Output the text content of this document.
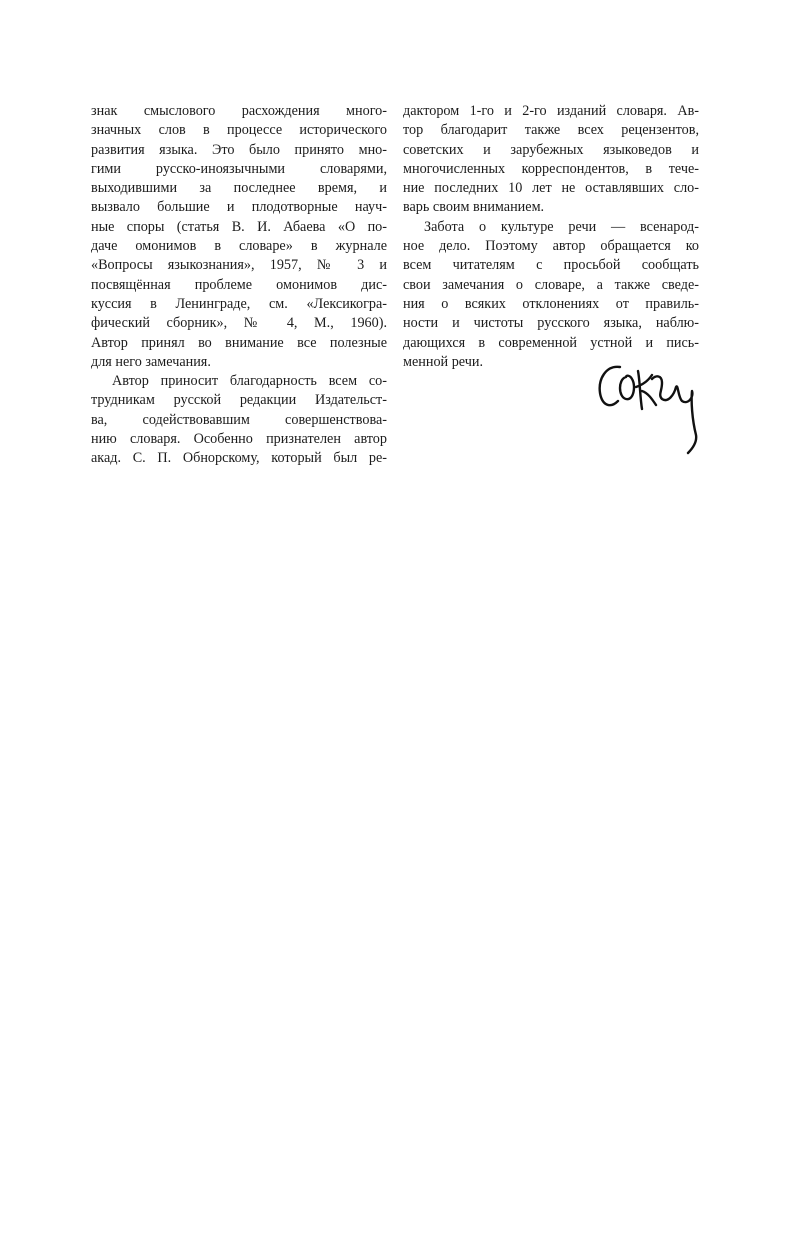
знак смыслового расхождения много-
значных слов в процессе исторического
развития языка. Это было принято мно-
гими русско-иноязычными словарями,
выходившими за последнее время, и
вызвало большие и плодотворные науч-
ные споры (статья В. И. Абаева «О по-
даче омонимов в словаре» в журнале
«Вопросы языкознания», 1957, № 3 и
посвящённая проблеме омонимов дис-
куссия в Ленинграде, см. «Лексикогра-
фический сборник», № 4, М., 1960).
Автор принял во внимание все полезные
для него замечания.
Автор приносит благодарность всем со-
трудникам русской редакции Издательст-
ва, содействовавшим совершенствова-
нию словаря. Особенно признателен автор
акад. С. П. Обнорскому, который был ре-
дактором 1-го и 2-го изданий словаря. Ав-
тор благодарит также всех рецензентов,
советских и зарубежных языковедов и
многочисленных корреспондентов, в тече-
ние последних 10 лет не оставлявших сло-
варь своим вниманием.
Забота о культуре речи — всенарод-
ное дело. Поэтому автор обращается ко
всем читателям с просьбой сообщать
свои замечания о словаре, а также сведе-
ния о всяких отклонениях от правиль-
ности и чистоты русского языка, наблю-
дающихся в современной устной и пись-
менной речи.
